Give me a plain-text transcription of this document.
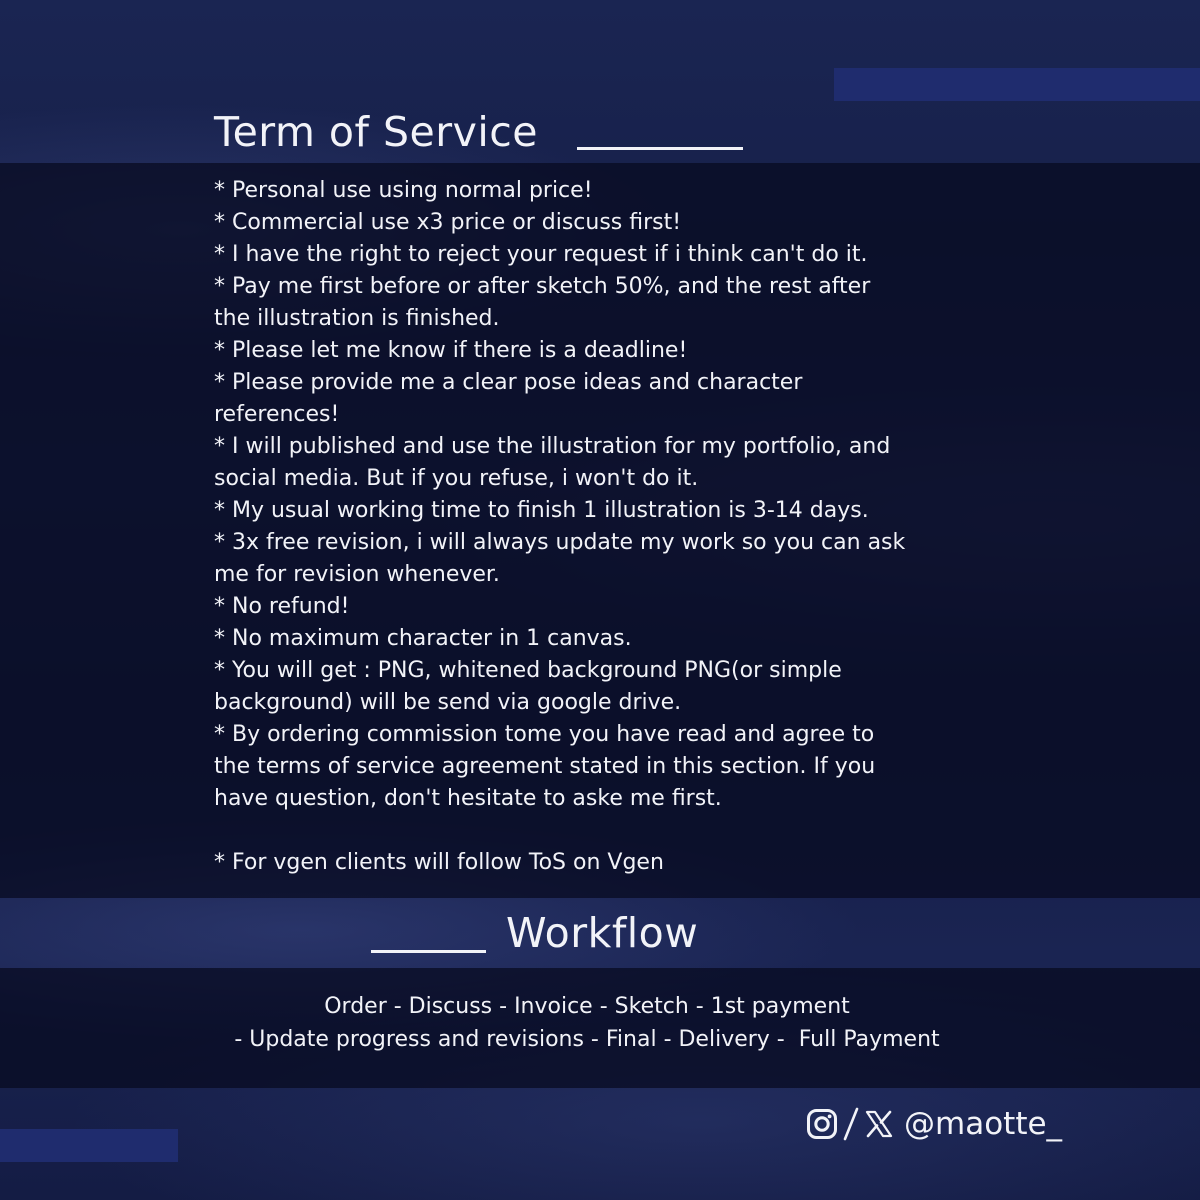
Term of Service
* Personal use using normal price!
* Commercial use x3 price or discuss first!
* I have the right to reject your request if i think can't do it.
* Pay me first before or after sketch 50%, and the rest after
the illustration is finished.
* Please let me know if there is a deadline!
* Please provide me a clear pose ideas and character
references!
* I will published and use the illustration for my portfolio, and
social media. But if you refuse, i won't do it.
* My usual working time to finish 1 illustration is 3-14 days.
* 3x free revision, i will always update my work so you can ask
me for revision whenever.
* No refund!
* No maximum character in 1 canvas.
* You will get : PNG, whitened background PNG(or simple
background) will be send via google drive.
* By ordering commission tome you have read and agree to
the terms of service agreement stated in this section. If you
have question, don't hesitate to aske me first.
* For vgen clients will follow ToS on Vgen
Workflow
Order - Discuss - Invoice - Sketch - 1st payment
- Update progress and revisions - Final - Delivery -  Full Payment
@maotte_
